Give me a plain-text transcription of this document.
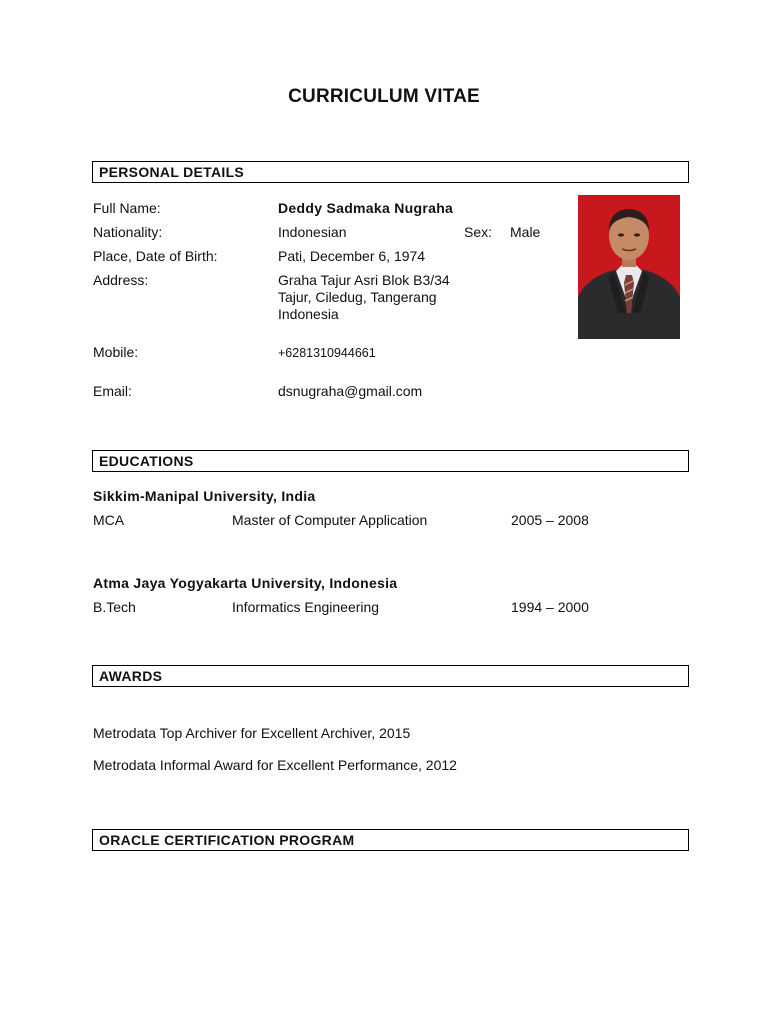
CURRICULUM VITAE
PERSONAL DETAILS
Full Name:	Deddy Sadmaka Nugraha
Nationality:	Indonesian	Sex: Male
Place, Date of Birth:	Pati, December 6, 1974
Address:	Graha Tajur Asri Blok B3/34
Tajur, Ciledug, Tangerang
Indonesia
Mobile:	+6281310944661
Email:	dsnugraha@gmail.com
EDUCATIONS
Sikkim-Manipal University, India
MCA	Master of Computer Application	2005 – 2008
Atma Jaya Yogyakarta University, Indonesia
B.Tech	Informatics Engineering	1994 – 2000
AWARDS
Metrodata Top Archiver for Excellent Archiver, 2015
Metrodata Informal Award for Excellent Performance, 2012
ORACLE CERTIFICATION PROGRAM
